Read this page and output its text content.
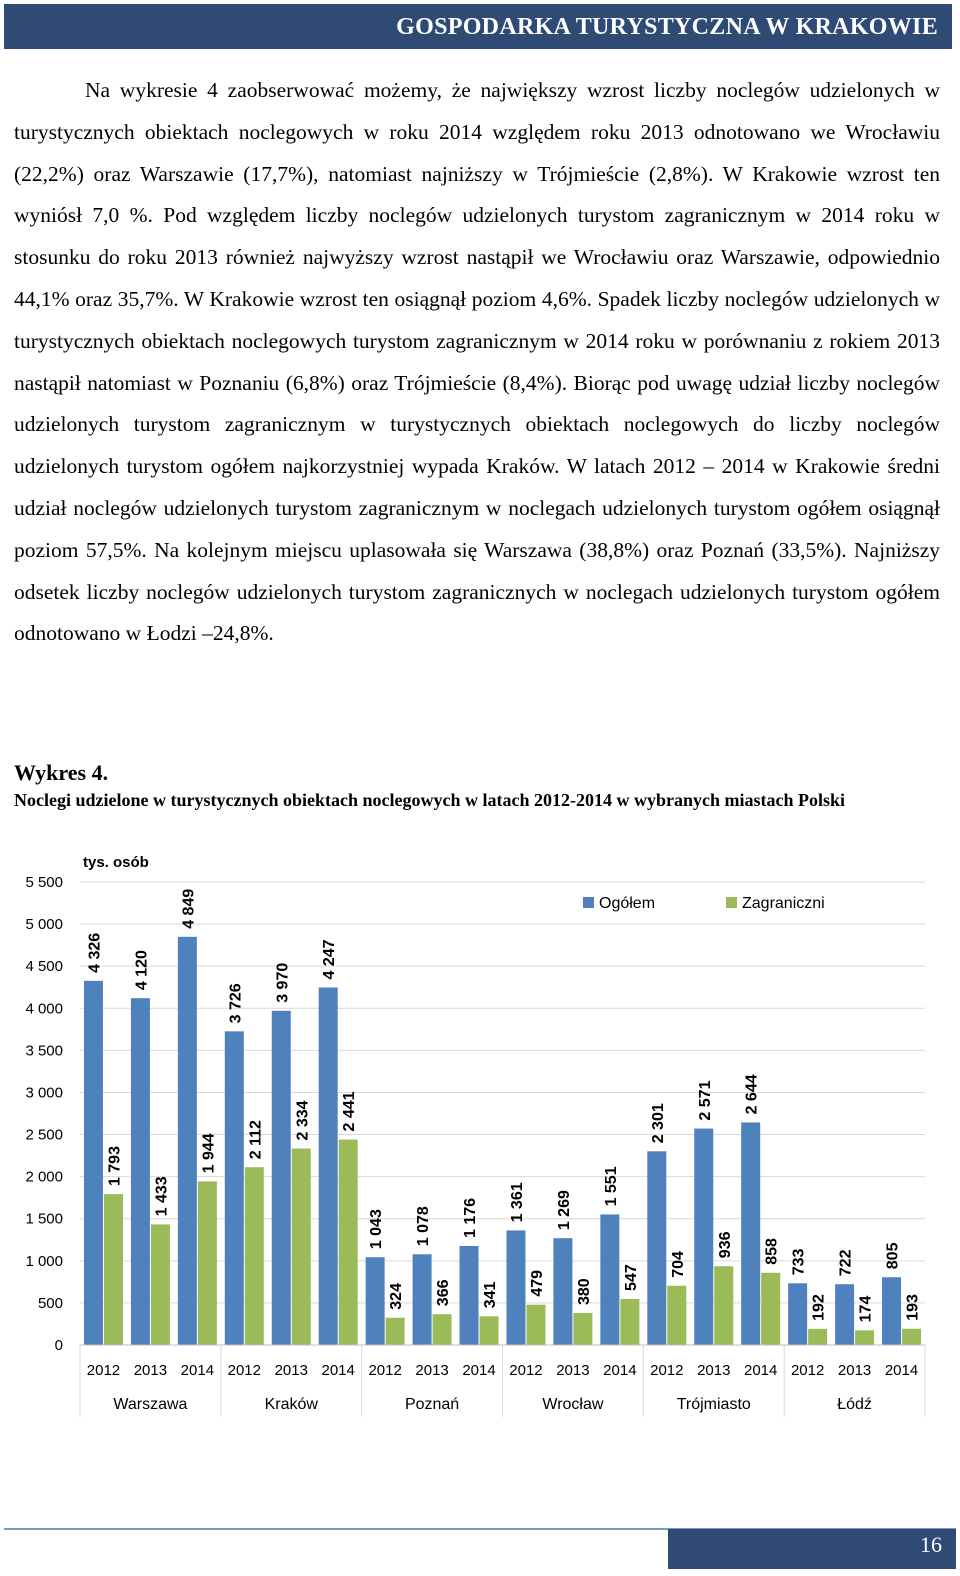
GOSPODARKA TURYSTYCZNA W KRAKOWIE

Na wykresie 4 zaobserwować możemy, że największy wzrost liczby noclegów udzielonych w turystycznych obiektach noclegowych w roku 2014 względem roku 2013 odnotowano we Wrocławiu (22,2%) oraz Warszawie (17,7%), natomiast najniższy w Trójmieście (2,8%). W Krakowie wzrost ten wyniósł 7,0 %. Pod względem liczby noclegów udzielonych turystom zagranicznym w 2014 roku w stosunku do roku 2013 również najwyższy wzrost nastąpił we Wrocławiu oraz Warszawie, odpowiednio 44,1% oraz 35,7%. W Krakowie wzrost ten osiągnął poziom 4,6%. Spadek liczby noclegów udzielonych w turystycznych obiektach noclegowych turystom zagranicznym w 2014 roku w porównaniu z rokiem 2013 nastąpił natomiast w Poznaniu (6,8%) oraz Trójmieście (8,4%). Biorąc pod uwagę udział liczby noclegów udzielonych turystom zagranicznym w turystycznych obiektach noclegowych do liczby noclegów udzielonych turystom ogółem najkorzystniej wypada Kraków. W latach 2012 – 2014 w Krakowie średni udział noclegów udzielonych turystom zagranicznym w noclegach udzielonych turystom ogółem osiągnął poziom 57,5%. Na kolejnym miejscu uplasowała się Warszawa (38,8%) oraz Poznań (33,5%). Najniższy odsetek liczby noclegów udzielonych turystom zagranicznych w noclegach udzielonych turystom ogółem odnotowano w Łodzi –24,8%.

Wykres 4.
Noclegi udzielone w turystycznych obiektach noclegowych w latach 2012-2014 w wybranych miastach Polski
0
500
1 000
1 500
2 000
2 500
3 000
3 500
4 000
4 500
5 000
5 500
tys. osób
4 326
1 793
2012
4 120
1 433
2013
4 849
1 944
2014
3 726
2 112
2012
3 970
2 334
2013
4 247
2 441
2014
1 043
324
2012
1 078
366
2013
1 176
341
2014
1 361
479
2012
1 269
380
2013
1 551
547
2014
2 301
704
2012
2 571
936
2013
2 644
858
2014
733
192
2012
722
174
2013
805
193
2014
Warszawa	Kraków	Poznań	Wrocław	Trójmiasto	Łódź
Ogółem	Zagraniczni
16
